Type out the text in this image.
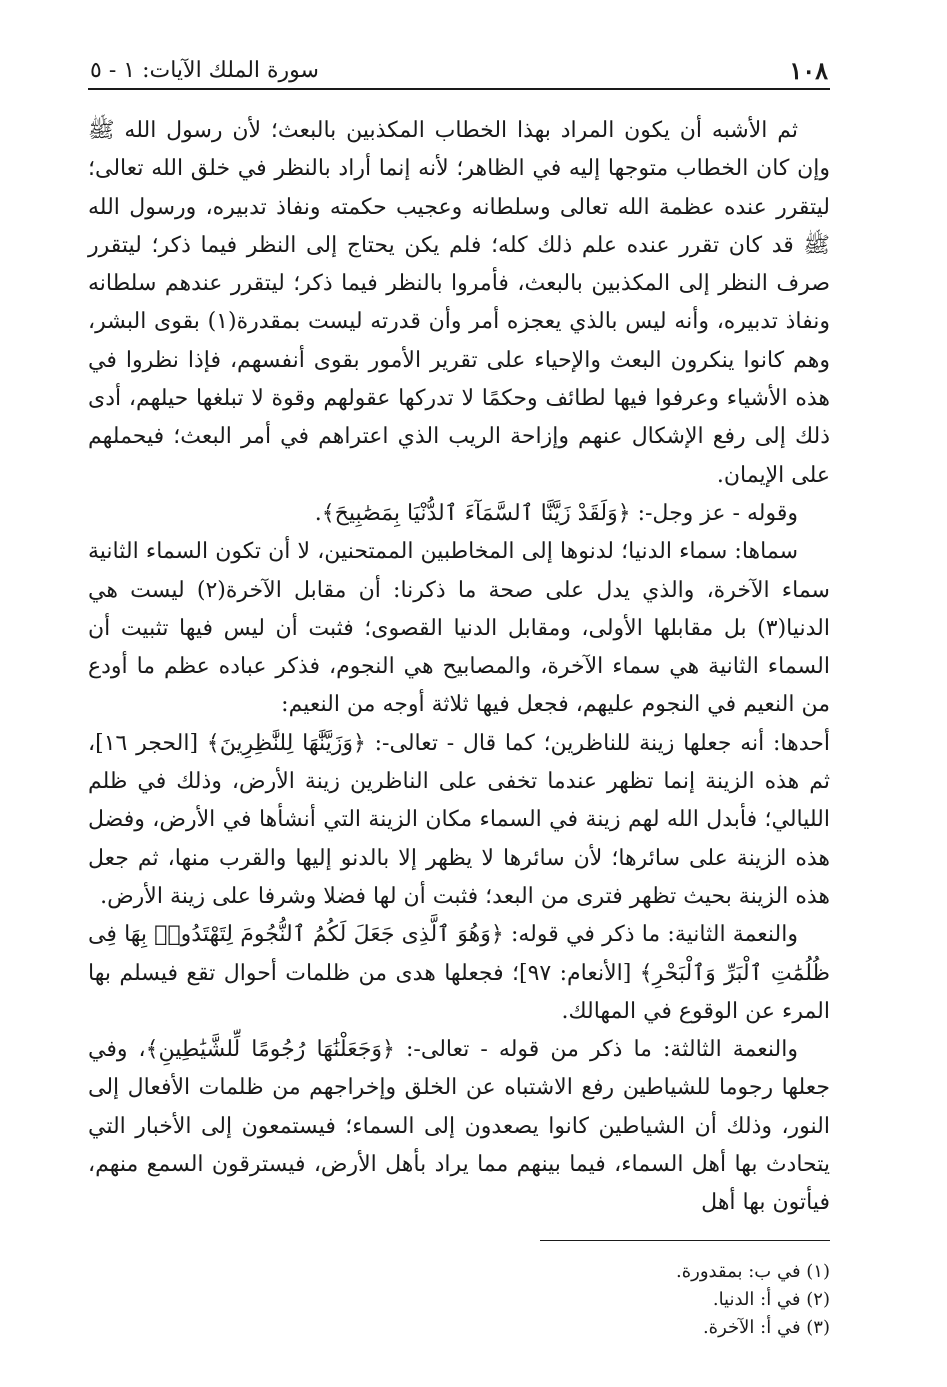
١٠٨
سورة الملك الآيات: ١ - ٥

ثم الأشبه أن يكون المراد بهذا الخطاب المكذبين بالبعث؛ لأن رسول الله ﷺ وإن كان الخطاب متوجها إليه في الظاهر؛ لأنه إنما أراد بالنظر في خلق الله تعالى؛ ليتقرر عنده عظمة الله تعالى وسلطانه وعجيب حكمته ونفاذ تدبيره، ورسول الله ﷺ قد كان تقرر عنده علم ذلك كله؛ فلم يكن يحتاج إلى النظر فيما ذكر؛ ليتقرر صرف النظر إلى المكذبين بالبعث، فأمروا بالنظر فيما ذكر؛ ليتقرر عندهم سلطانه ونفاذ تدبيره، وأنه ليس بالذي يعجزه أمر وأن قدرته ليست بمقدرة(١) بقوى البشر، وهم كانوا ينكرون البعث والإحياء على تقرير الأمور بقوى أنفسهم، فإذا نظروا في هذه الأشياء وعرفوا فيها لطائف وحكمًا لا تدركها عقولهم وقوة لا تبلغها حيلهم، أدى ذلك إلى رفع الإشكال عنهم وإزاحة الريب الذي اعتراهم في أمر البعث؛ فيحملهم على الإيمان.

وقوله - عز وجل-: ﴿وَلَقَدْ زَيَّنَّا ٱلسَّمَآءَ ٱلدُّنْيَا بِمَصَٰبِيحَ﴾.

سماها: سماء الدنيا؛ لدنوها إلى المخاطبين الممتحنين، لا أن تكون السماء الثانية سماء الآخرة، والذي يدل على صحة ما ذكرنا: أن مقابل الآخرة(٢) ليست هي الدنيا(٣) بل مقابلها الأولى، ومقابل الدنيا القصوى؛ فثبت أن ليس فيها تثبيت أن السماء الثانية هي سماء الآخرة، والمصابيح هي النجوم، فذكر عباده عظم ما أودع من النعيم في النجوم عليهم، فجعل فيها ثلاثة أوجه من النعيم:

أحدها: أنه جعلها زينة للناظرين؛ كما قال - تعالى-: ﴿وَزَيَّنَّٰهَا لِلنَّٰظِرِينَ﴾ [الحجر ١٦]، ثم هذه الزينة إنما تظهر عندما تخفى على الناظرين زينة الأرض، وذلك في ظلم الليالي؛ فأبدل الله لهم زينة في السماء مكان الزينة التي أنشأها في الأرض، وفضل هذه الزينة على سائرها؛ لأن سائرها لا يظهر إلا بالدنو إليها والقرب منها، ثم جعل هذه الزينة بحيث تظهر فترى من البعد؛ فثبت أن لها فضلا وشرفا على زينة الأرض.

والنعمة الثانية: ما ذكر في قوله: ﴿وَهُوَ ٱلَّذِى جَعَلَ لَكُمُ ٱلنُّجُومَ لِتَهْتَدُوا۟ بِهَا فِى ظُلُمَٰتِ ٱلْبَرِّ وَٱلْبَحْرِ﴾ [الأنعام: ٩٧]؛ فجعلها هدى من ظلمات أحوال تقع فيسلم بها المرء عن الوقوع في المهالك.

والنعمة الثالثة: ما ذكر من قوله - تعالى-: ﴿وَجَعَلْنَٰهَا رُجُومًا لِّلشَّيَٰطِينِ﴾، وفي جعلها رجوما للشياطين رفع الاشتباه عن الخلق وإخراجهم من ظلمات الأفعال إلى النور، وذلك أن الشياطين كانوا يصعدون إلى السماء؛ فيستمعون إلى الأخبار التي يتحادث بها أهل السماء، فيما بينهم مما يراد بأهل الأرض، فيسترقون السمع منهم، فيأتون بها أهل

(١) في ب: بمقدورة.
(٢) في أ: الدنيا.
(٣) في أ: الآخرة.
